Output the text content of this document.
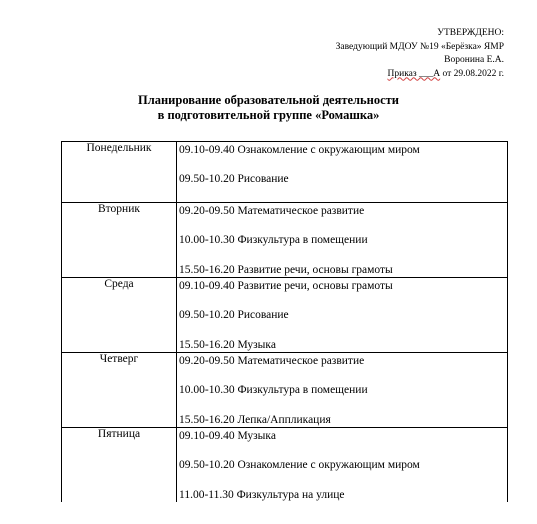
УТВЕРЖДЕНО:
Заведующий МДОУ №19 «Берёзка» ЯМР
Воронина Е.А.
Приказ ___А от 29.08.2022 г.
Планирование образовательной деятельности
в подготовительной группе «Ромашка»
Понедельник	09.10-09.40 Ознакомление с окружающим миром
09.50-10.20 Рисование

Вторник	09.20-09.50 Математическое развитие
10.00-10.30 Физкультура в помещении
15.50-16.20 Развитие речи, основы грамоты

Среда	09.10-09.40 Развитие речи, основы грамоты
09.50-10.20 Рисование
15.50-16.20 Музыка

Четверг	09.20-09.50 Математическое развитие
10.00-10.30 Физкультура в помещении
15.50-16.20 Лепка/Аппликация

Пятница	09.10-09.40 Музыка
09.50-10.20 Ознакомление с окружающим миром
11.00-11.30 Физкультура на улице
